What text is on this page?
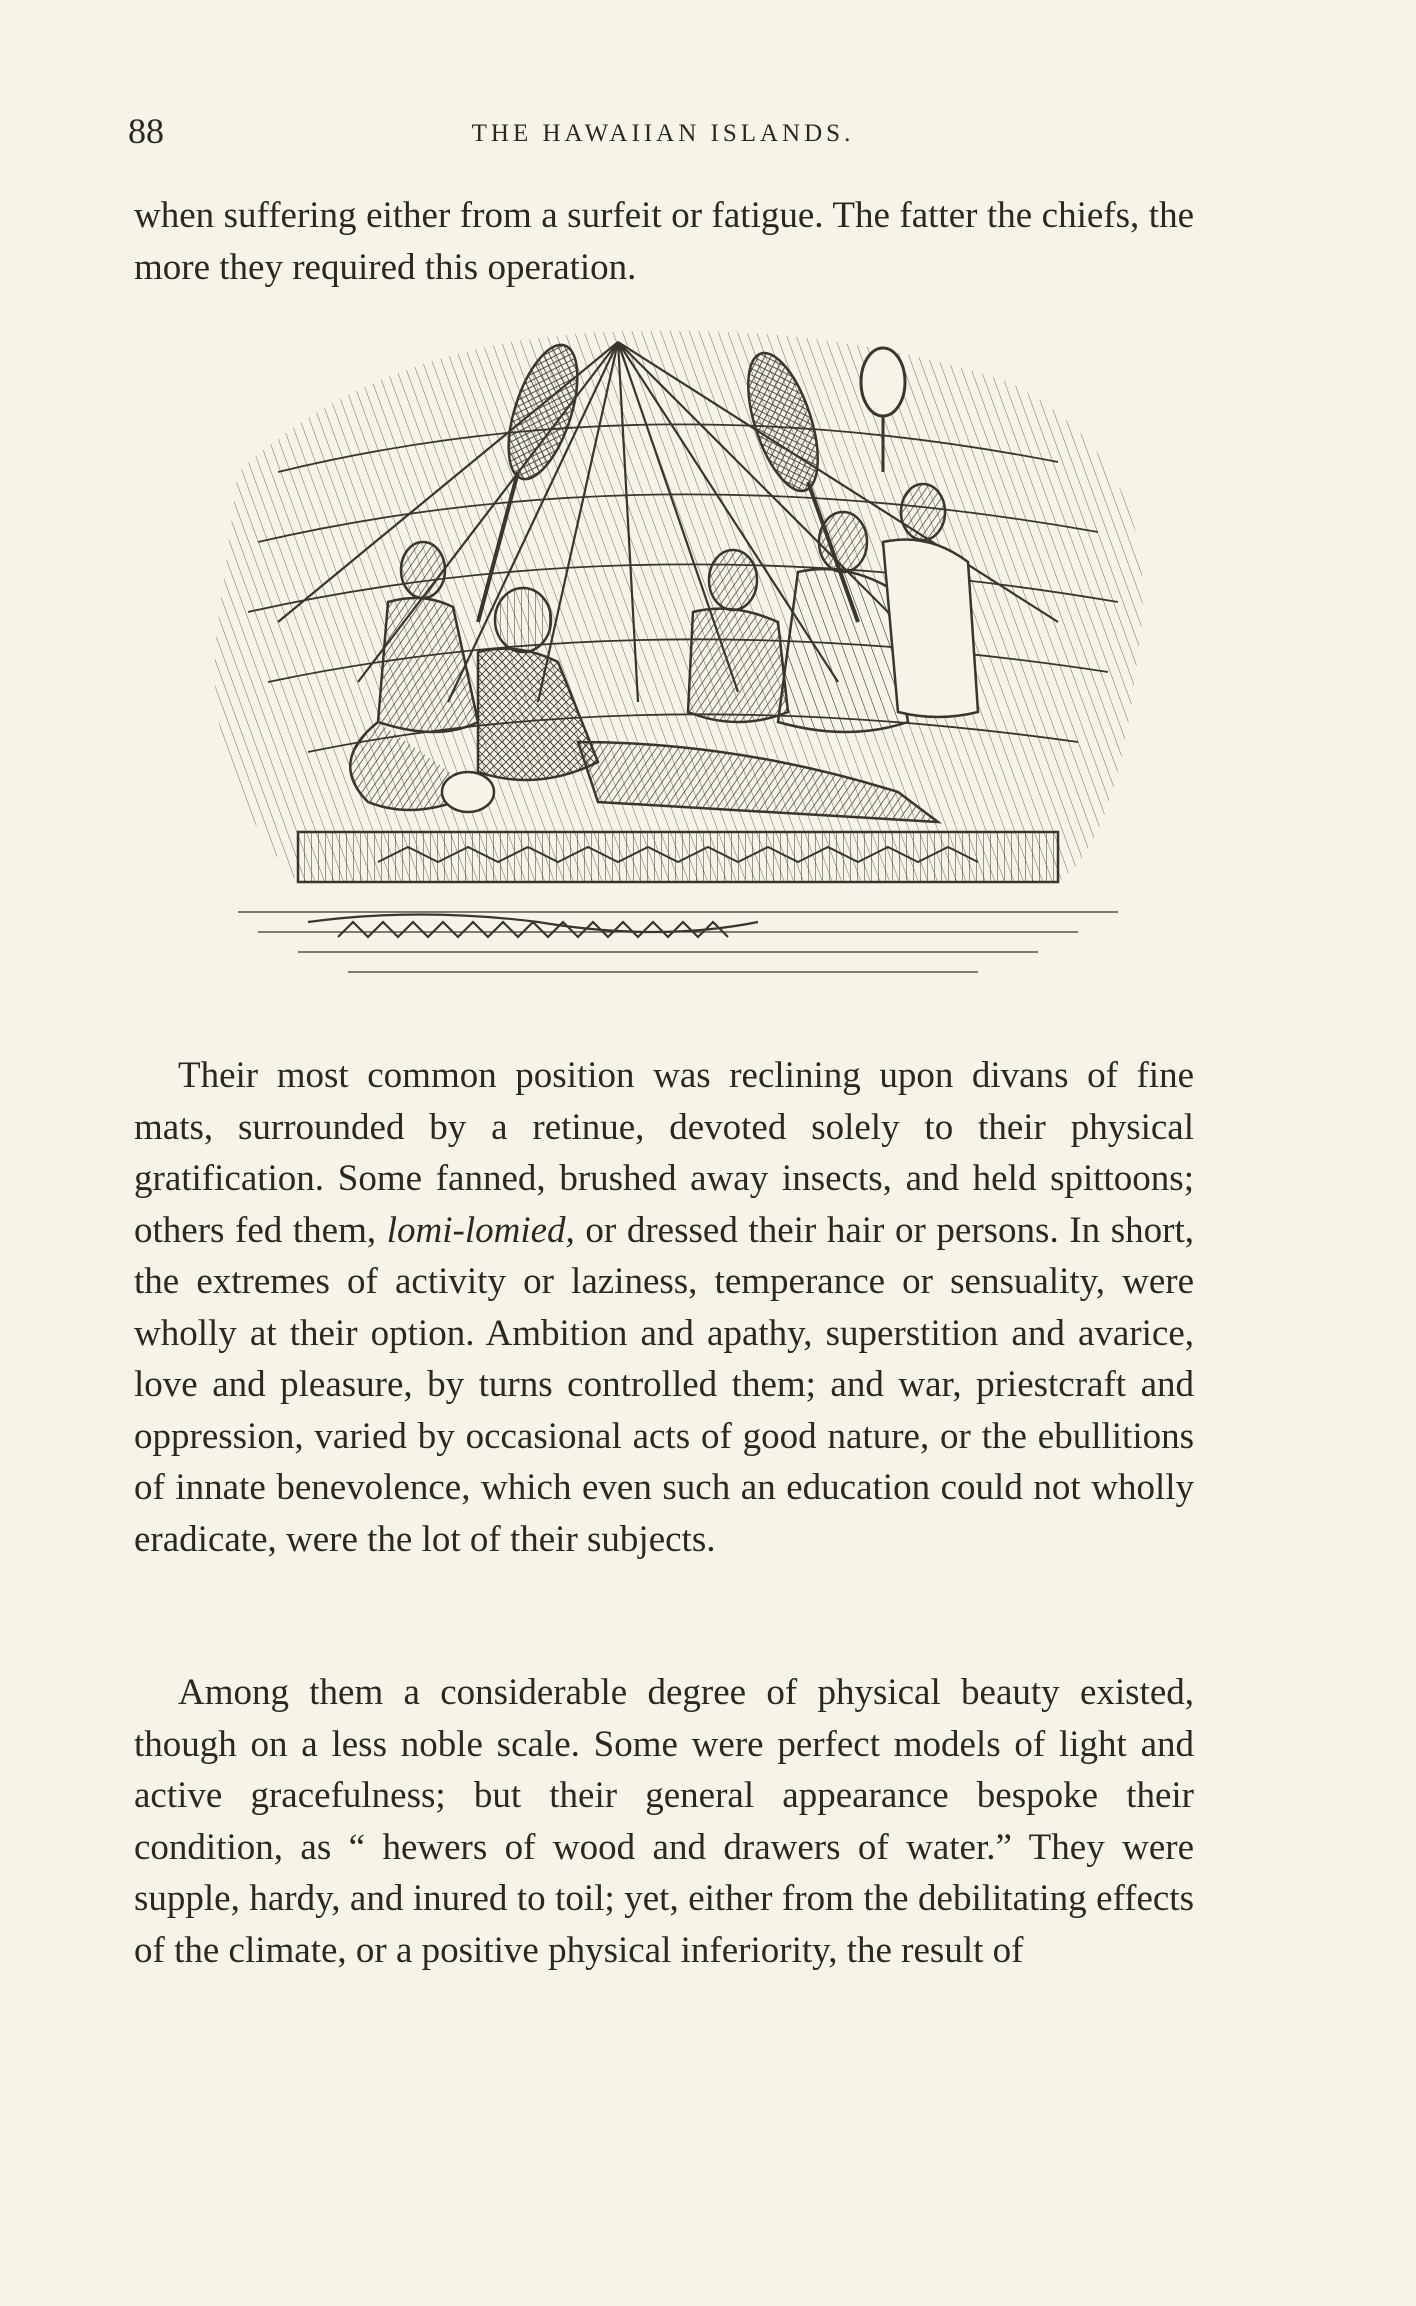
88	THE HAWAIIAN ISLANDS.

when suffering either from a surfeit or fatigue. The fatter the chiefs, the more they required this operation.

Their most common position was reclining upon divans of fine mats, surrounded by a retinue, devoted solely to their physical gratification. Some fanned, brushed away insects, and held spittoons; others fed them, lomi-lomied, or dressed their hair or persons. In short, the extremes of activity or laziness, temperance or sensuality, were wholly at their option. Ambition and apathy, superstition and avarice, love and pleasure, by turns controlled them; and war, priestcraft and oppression, varied by occasional acts of good nature, or the ebullitions of innate benevolence, which even such an education could not wholly eradicate, were the lot of their subjects.

Among them a considerable degree of physical beauty existed, though on a less noble scale. Some were perfect models of light and active gracefulness; but their general appearance bespoke their condition, as “ hewers of wood and drawers of water.” They were supple, hardy, and inured to toil; yet, either from the debilitating effects of the climate, or a positive physical inferiority, the result of
